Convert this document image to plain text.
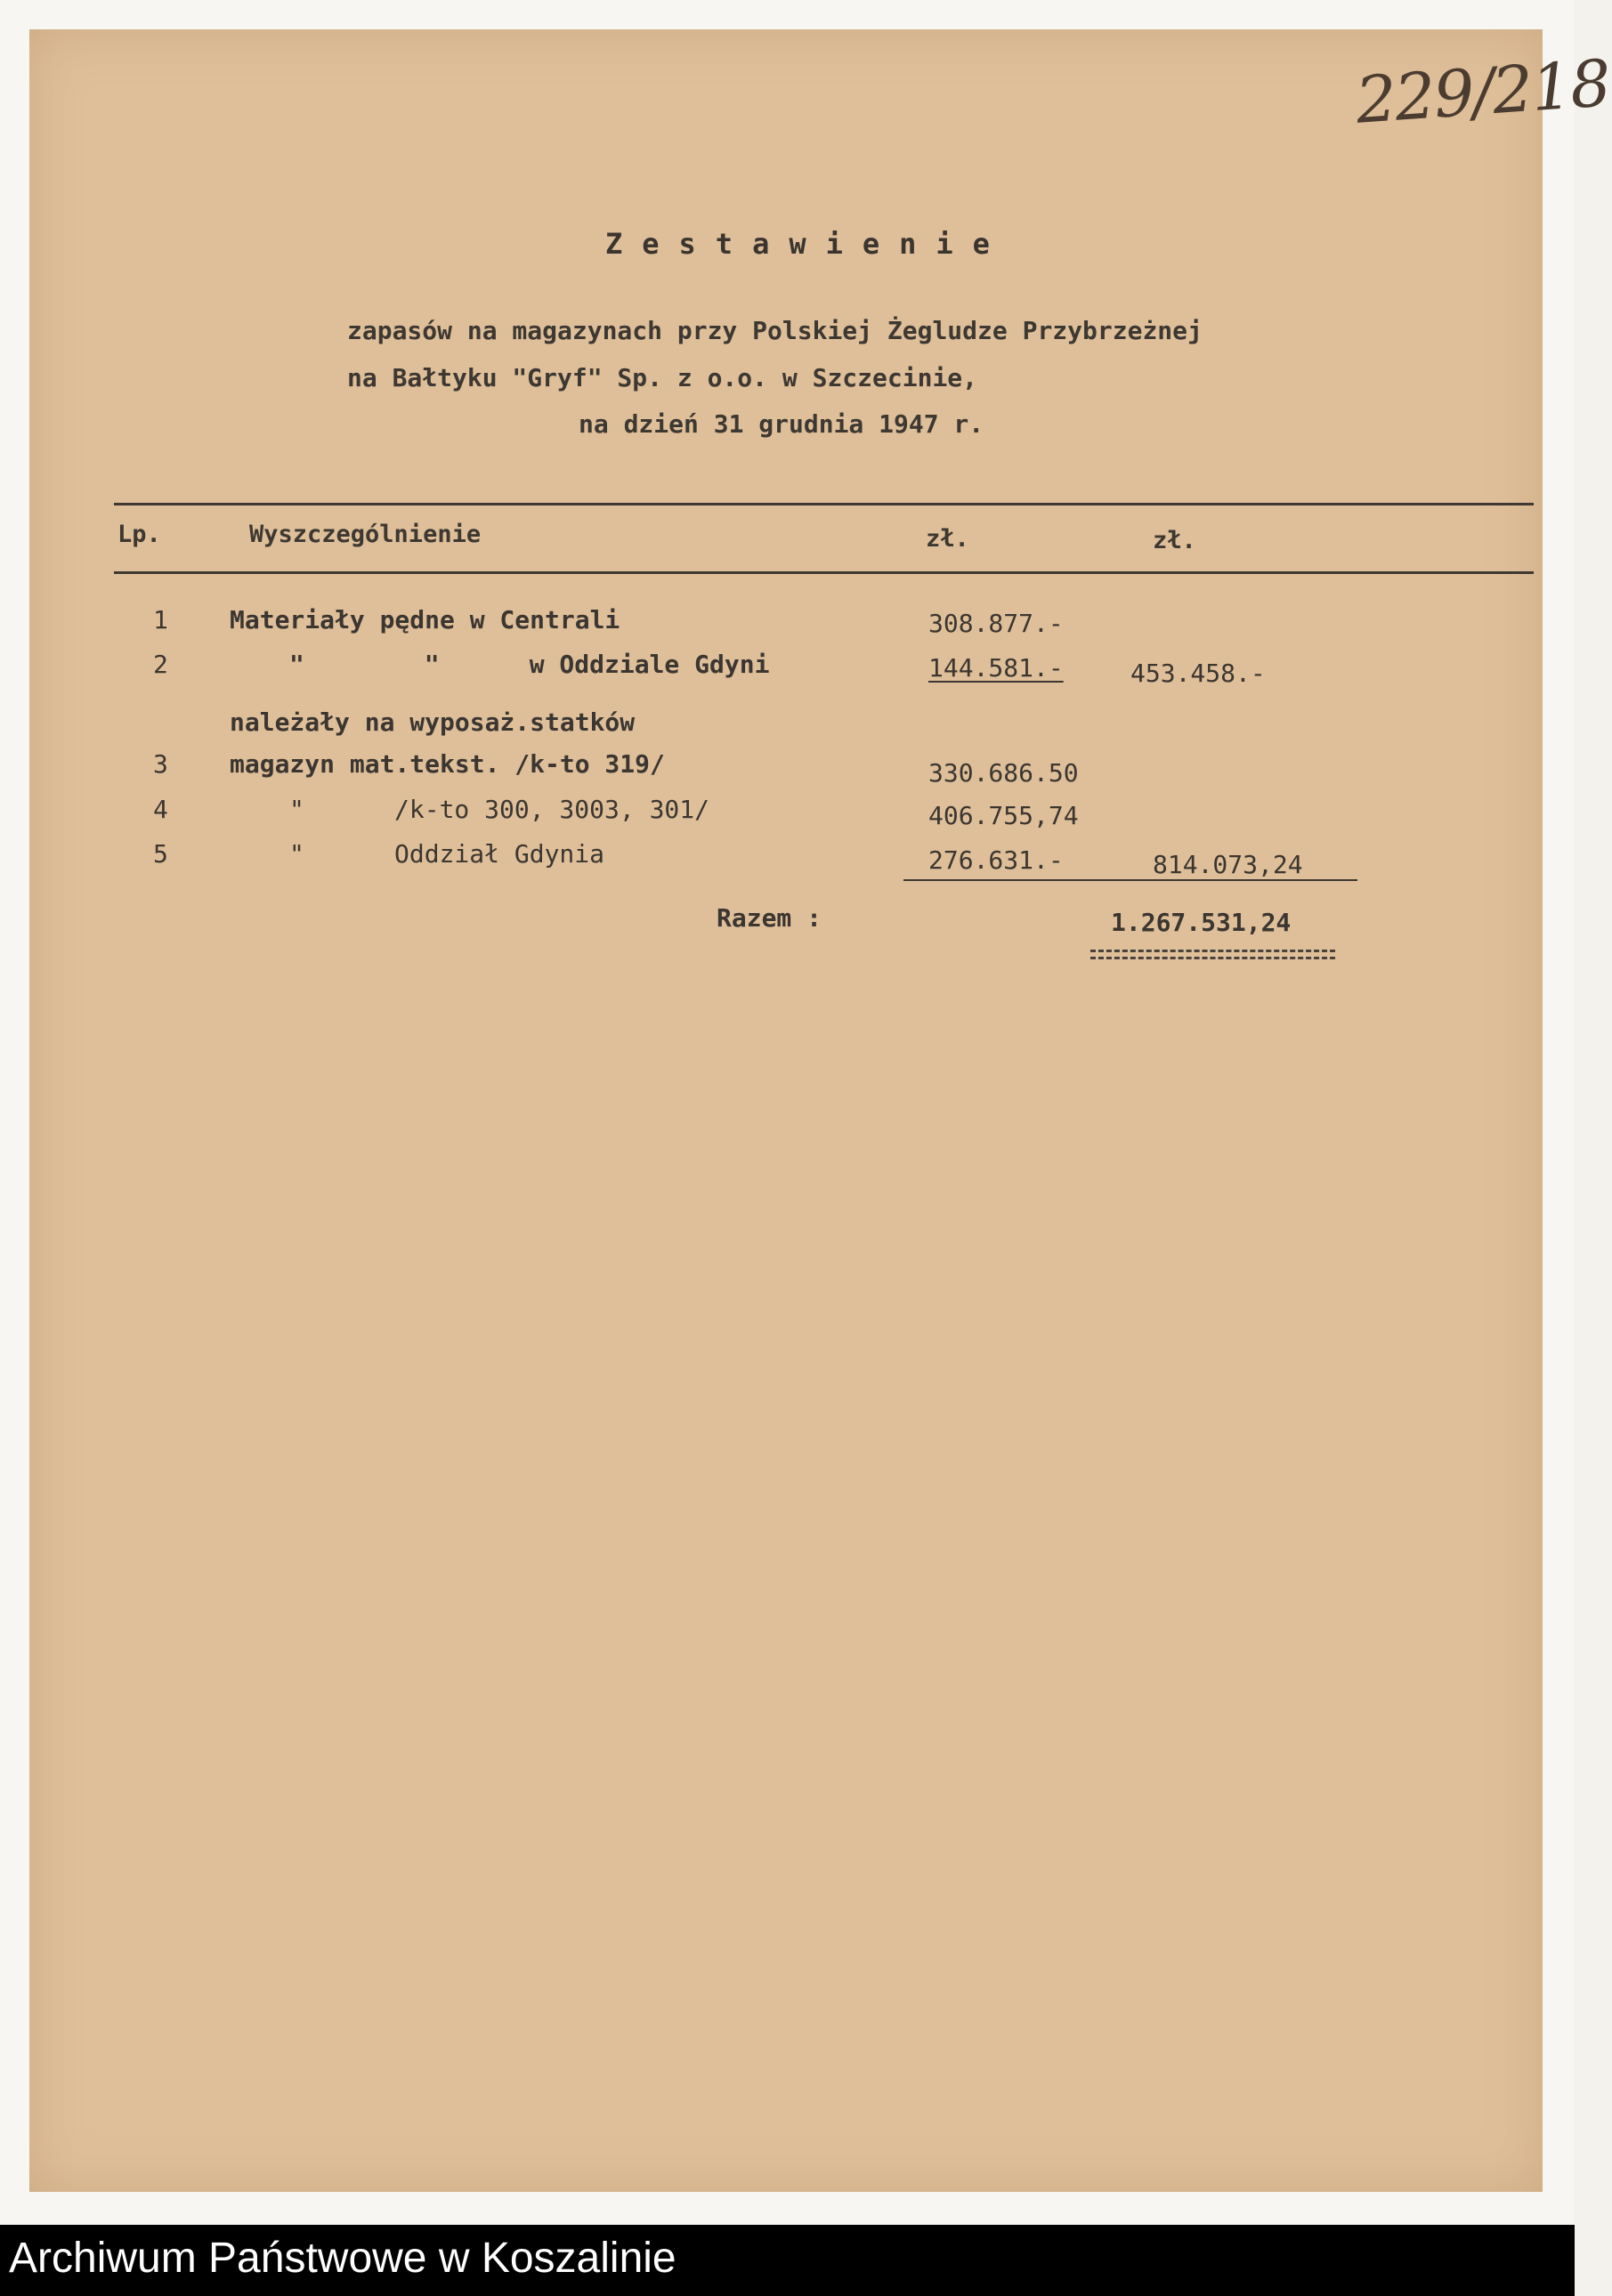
229/218
Zestawienie
zapasów na magazynach przy Polskiej Żegludze Przybrzeżnej
na Bałtyku "Gryf" Sp. z o.o. w Szczecinie,
na dzień 31 grudnia 1947 r.
Lp.	Wyszczególnienie	zł.	zł.
1 Materiały pędne w Centrali	308.877.-
2	"        "      w Oddziale Gdyni	144.581.-	453.458.-
należały na wyposaż.statków
3 magazyn mat.tekst. /k-to 319/	330.686.50
4	"      /k-to 300, 3003, 301/	406.755,74
5	"      Oddział Gdynia	276.631.-	814.073,24
Razem :	1.267.531,24
Archiwum Państwowe w Koszalinie
